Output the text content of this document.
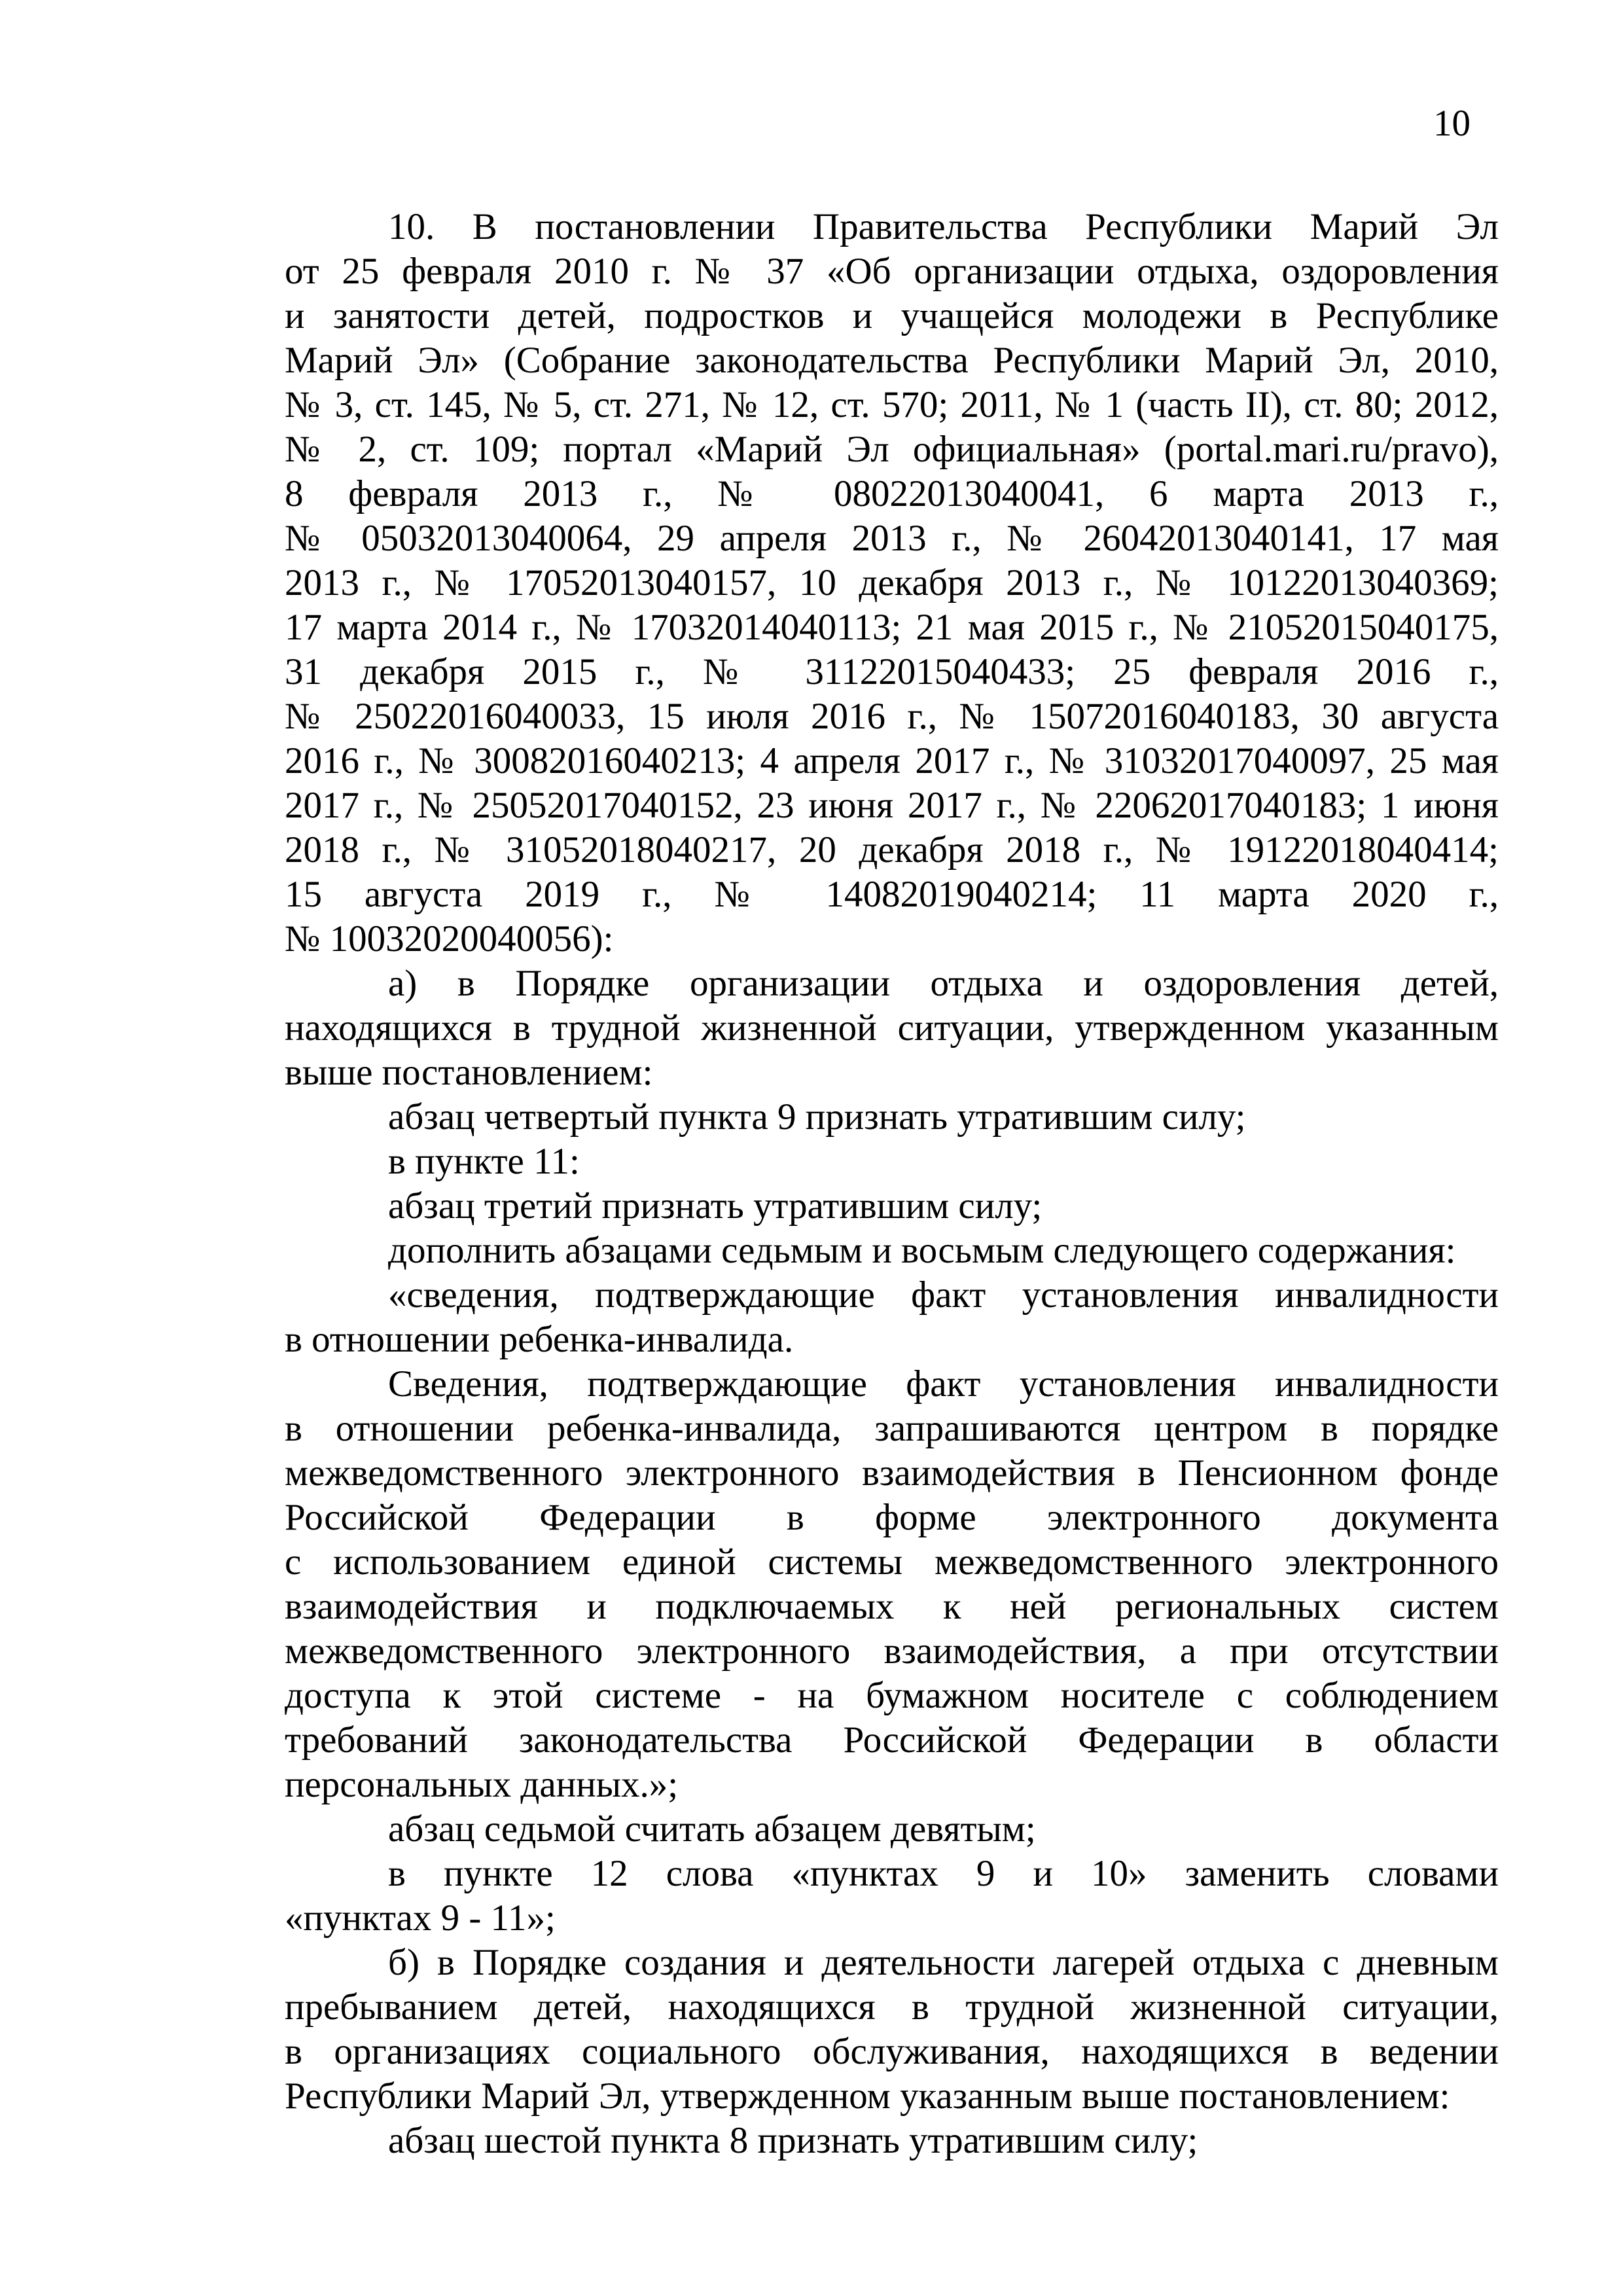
10
10. В постановлении Правительства Республики Марий Эл
от 25 февраля 2010 г. № 37 «Об организации отдыха, оздоровления
и занятости детей, подростков и учащейся молодежи в Республике
Марий Эл» (Собрание законодательства Республики Марий Эл, 2010,
№ 3, ст. 145, № 5, ст. 271, № 12, ст. 570; 2011, № 1 (часть II), ст. 80; 2012,
№ 2, ст. 109; портал «Марий Эл официальная» (portal.mari.ru/pravo),
8 февраля 2013 г., № 08022013040041, 6 марта 2013 г.,
№ 05032013040064, 29 апреля 2013 г., № 26042013040141, 17 мая
2013 г., № 17052013040157, 10 декабря 2013 г., № 10122013040369;
17 марта 2014 г., № 17032014040113; 21 мая 2015 г., № 21052015040175,
31 декабря 2015 г., № 31122015040433; 25 февраля 2016 г.,
№ 25022016040033, 15 июля 2016 г., № 15072016040183, 30 августа
2016 г., № 30082016040213; 4 апреля 2017 г., № 31032017040097, 25 мая
2017 г., № 25052017040152, 23 июня 2017 г., № 22062017040183; 1 июня
2018 г., № 31052018040217, 20 декабря 2018 г., № 19122018040414;
15 августа 2019 г., № 14082019040214; 11 марта 2020 г.,
№ 10032020040056):
а) в Порядке организации отдыха и оздоровления детей,
находящихся в трудной жизненной ситуации, утвержденном указанным
выше постановлением:
абзац четвертый пункта 9 признать утратившим силу;
в пункте 11:
абзац третий признать утратившим силу;
дополнить абзацами седьмым и восьмым следующего содержания:
«сведения, подтверждающие факт установления инвалидности
в отношении ребенка-инвалида.
Сведения, подтверждающие факт установления инвалидности
в отношении ребенка-инвалида, запрашиваются центром в порядке
межведомственного электронного взаимодействия в Пенсионном фонде
Российской Федерации в форме электронного документа
с использованием единой системы межведомственного электронного
взаимодействия и подключаемых к ней региональных систем
межведомственного электронного взаимодействия, а при отсутствии
доступа к этой системе - на бумажном носителе с соблюдением
требований законодательства Российской Федерации в области
персональных данных.»;
абзац седьмой считать абзацем девятым;
в пункте 12 слова «пунктах 9 и 10» заменить словами
«пунктах 9 - 11»;
б) в Порядке создания и деятельности лагерей отдыха с дневным
пребыванием детей, находящихся в трудной жизненной ситуации,
в организациях социального обслуживания, находящихся в ведении
Республики Марий Эл, утвержденном указанным выше постановлением:
абзац шестой пункта 8 признать утратившим силу;
